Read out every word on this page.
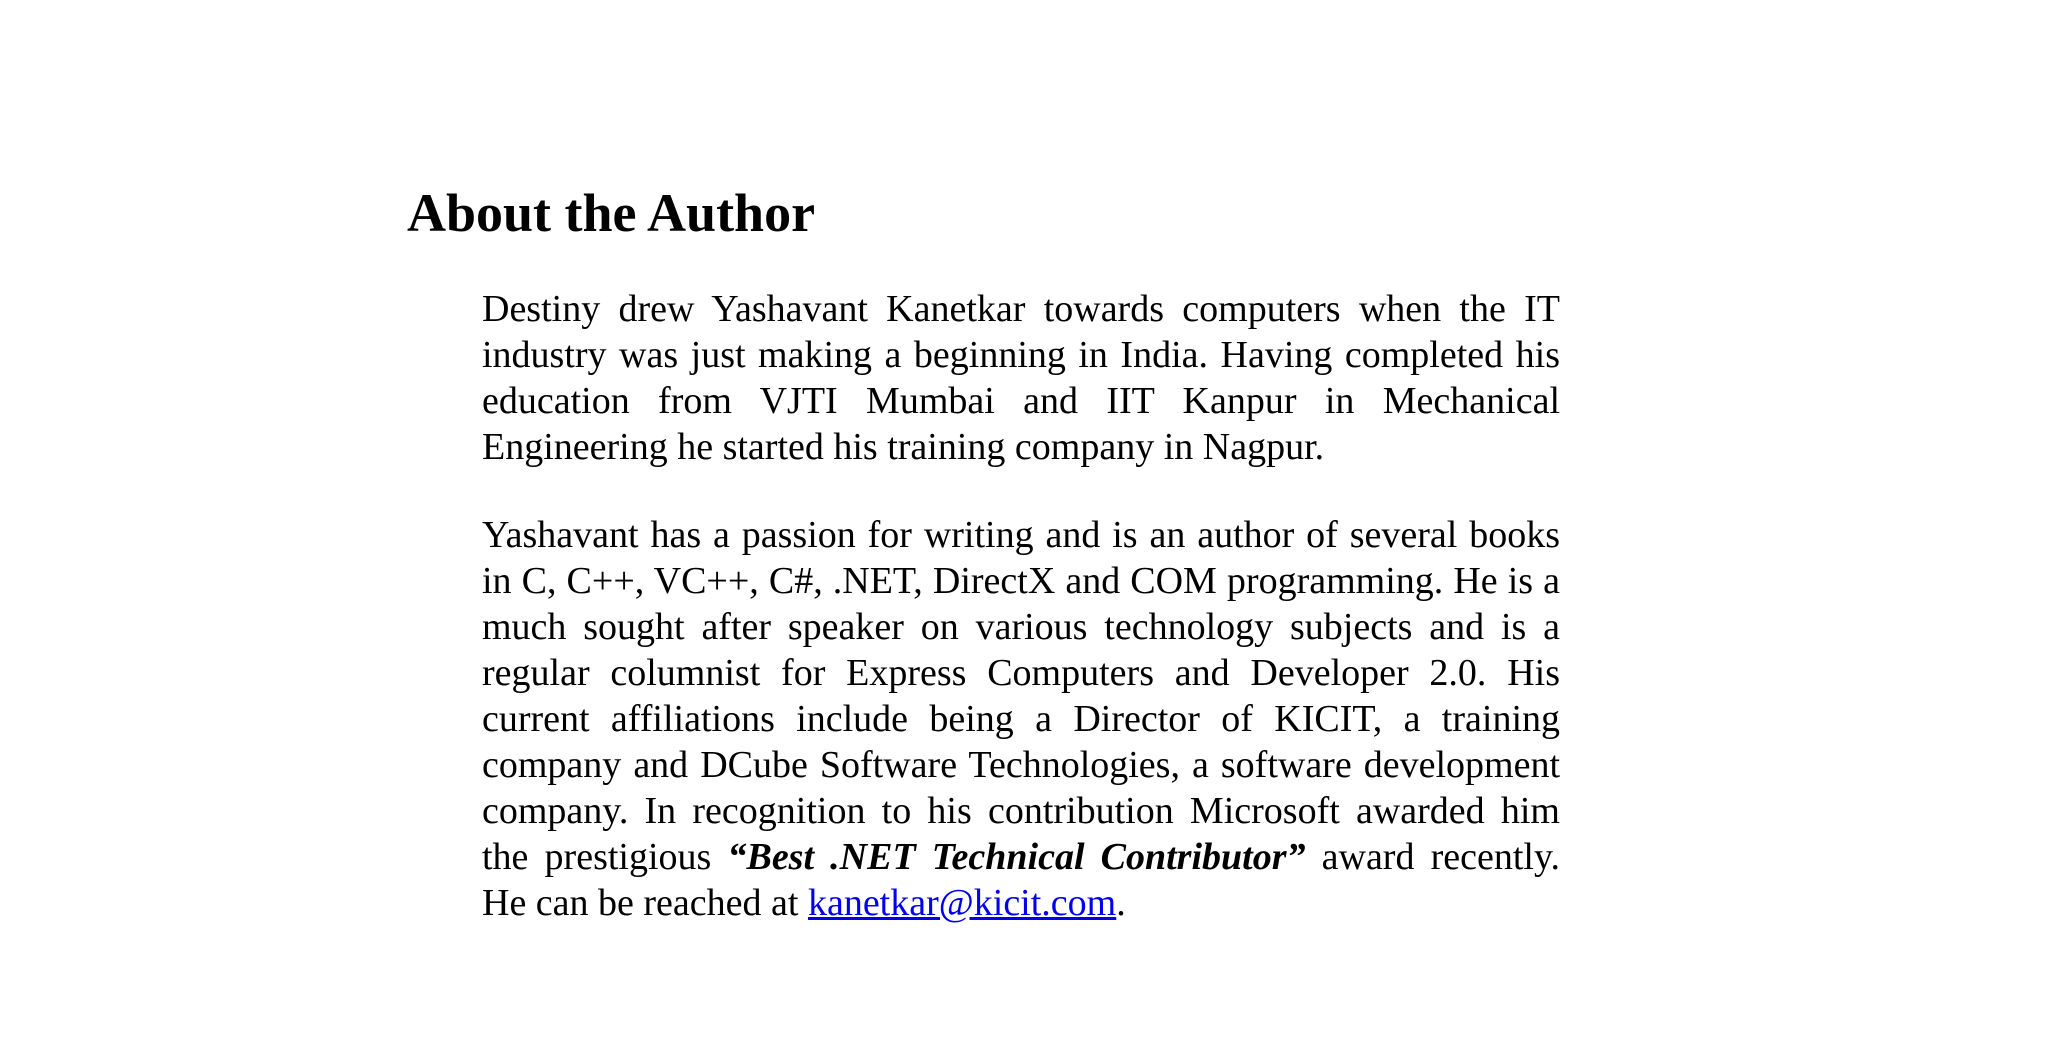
About the Author

Destiny drew Yashavant Kanetkar towards computers when the IT industry was just making a beginning in India. Having completed his education from VJTI Mumbai and IIT Kanpur in Mechanical Engineering he started his training company in Nagpur.

Yashavant has a passion for writing and is an author of several books in C, C++, VC++, C#, .NET, DirectX and COM programming. He is a much sought after speaker on various technology subjects and is a regular columnist for Express Computers and Developer 2.0. His current affiliations include being a Director of KICIT, a training company and DCube Software Technologies, a software development company. In recognition to his contribution Microsoft awarded him the prestigious “Best .NET Technical Contributor” award recently. He can be reached at kanetkar@kicit.com.
